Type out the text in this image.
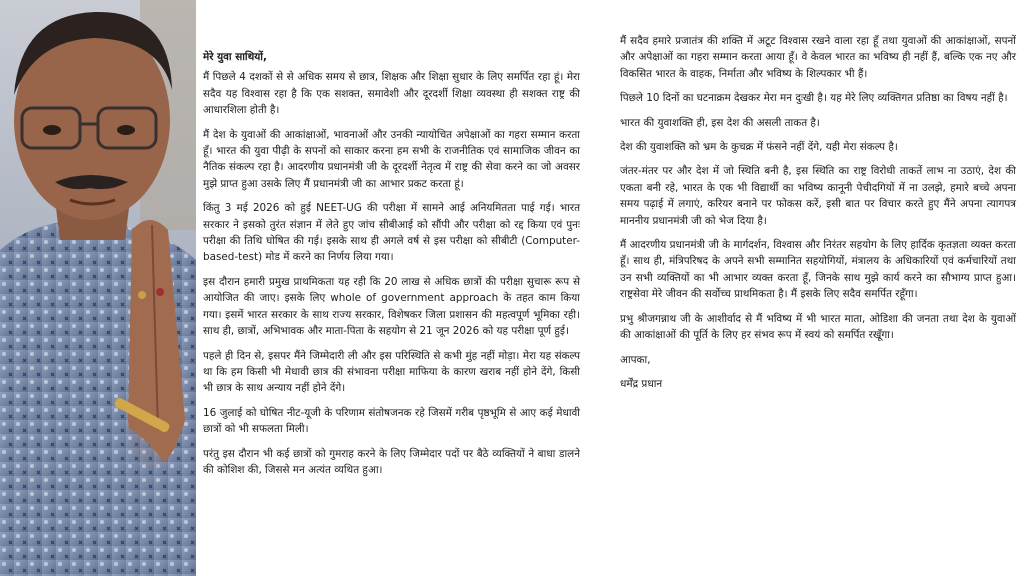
मेरे युवा साथियों,

मैं पिछले 4 दशकों से से अधिक समय से छात्र, शिक्षक और शिक्षा सुधार के लिए समर्पित रहा हूं। मेरा सदैव यह विश्वास रहा है कि एक सशक्त, समावेशी और दूरदर्शी शिक्षा व्यवस्था ही सशक्त राष्ट्र की आधारशिला होती है।

मैं देश के युवाओं की आकांक्षाओं, भावनाओं और उनकी न्यायोचित अपेक्षाओं का गहरा सम्मान करता हूँ। भारत की युवा पीढ़ी के सपनों को साकार करना हम सभी के राजनीतिक एवं सामाजिक जीवन का नैतिक संकल्प रहा है। आदरणीय प्रधानमंत्री जी के दूरदर्शी नेतृत्व में राष्ट्र की सेवा करने का जो अवसर मुझे प्राप्त हुआ उसके लिए मैं प्रधानमंत्री जी का आभार प्रकट करता हूं।

किंतु 3 मई 2026 को हुई NEET-UG की परीक्षा में सामने आई अनियमितता पाई गई। भारत सरकार ने इसको तुरंत संज्ञान में लेते हुए जांच सीबीआई को सौंपी और परीक्षा को रद्द किया एवं पुनः परीक्षा की तिथि घोषित की गई। इसके साथ ही अगले वर्ष से इस परीक्षा को सीबीटी (Computer-based-test) मोड में करने का निर्णय लिया गया।

इस दौरान हमारी प्रमुख प्राथमिकता यह रही कि 20 लाख से अधिक छात्रों की परीक्षा सुचारू रूप से आयोजित की जाए। इसके लिए whole of government approach के तहत काम किया गया। इसमें भारत सरकार के साथ राज्य सरकार, विशेषकर जिला प्रशासन की महत्वपूर्ण भूमिका रही। साथ ही, छात्रों, अभिभावक और माता-पिता के सहयोग से 21 जून 2026 को यह परीक्षा पूर्ण हुई।

पहले ही दिन से, इसपर मैंने जिम्मेदारी ली और इस परिस्थिति से कभी मुंह नहीं मोड़ा। मेरा यह संकल्प था कि हम किसी भी मेधावी छात्र की संभावना परीक्षा माफिया के कारण खराब नहीं होने देंगे, किसी भी छात्र के साथ अन्याय नहीं होने देंगे।

16 जुलाई को घोषित नीट-यूजी के परिणाम संतोषजनक रहे जिसमें गरीब पृष्ठभूमि से आए कई मेधावी छात्रों को भी सफलता मिली।

परंतु इस दौरान भी कई छात्रों को गुमराह करने के लिए जिम्मेदार पदों पर बैठे व्यक्तियों ने बाधा डालने की कोशिश की, जिससे मन अत्यंत व्यथित हुआ।

मैं सदैव हमारे प्रजातंत्र की शक्ति में अटूट विश्वास रखने वाला रहा हूँ तथा युवाओं की आकांक्षाओं, सपनों और अपेक्षाओं का गहरा सम्मान करता आया हूँ। वे केवल भारत का भविष्य ही नहीं हैं, बल्कि एक नए और विकसित भारत के वाहक, निर्माता और भविष्य के शिल्पकार भी हैं।

पिछले 10 दिनों का घटनाक्रम देखकर मेरा मन दुःखी है। यह मेरे लिए व्यक्तिगत प्रतिष्ठा का विषय नहीं है।

भारत की युवाशक्ति ही, इस देश की असली ताकत है।

देश की युवाशक्ति को भ्रम के कुचक्र में फंसने नहीं देंगे, यही मेरा संकल्प है।

जंतर-मंतर पर और देश में जो स्थिति बनी है, इस स्थिति का राष्ट्र विरोधी ताकतें लाभ ना उठाएं, देश की एकता बनी रहे, भारत के एक भी विद्यार्थी का भविष्य कानूनी पेचीदगियों में ना उलझे, हमारे बच्चे अपना समय पढ़ाई में लगाएं, करियर बनाने पर फोकस करें, इसी बात पर विचार करते हुए मैंने अपना त्यागपत्र माननीय प्रधानमंत्री जी को भेज दिया है।

मैं आदरणीय प्रधानमंत्री जी के मार्गदर्शन, विश्वास और निरंतर सहयोग के लिए हार्दिक कृतज्ञता व्यक्त करता हूँ। साथ ही, मंत्रिपरिषद के अपने सभी सम्मानित सहयोगियों, मंत्रालय के अधिकारियों एवं कर्मचारियों तथा उन सभी व्यक्तियों का भी आभार व्यक्त करता हूँ, जिनके साथ मुझे कार्य करने का सौभाग्य प्राप्त हुआ। राष्ट्रसेवा मेरे जीवन की सर्वोच्च प्राथमिकता है। मैं इसके लिए सदैव समर्पित रहूँगा।

प्रभु श्रीजगन्नाथ जी के आशीर्वाद से मैं भविष्य में भी भारत माता, ओडिशा की जनता तथा देश के युवाओं की आकांक्षाओं की पूर्ति के लिए हर संभव रूप में स्वयं को समर्पित रखूँगा।

आपका,

धर्मेंद्र प्रधान
